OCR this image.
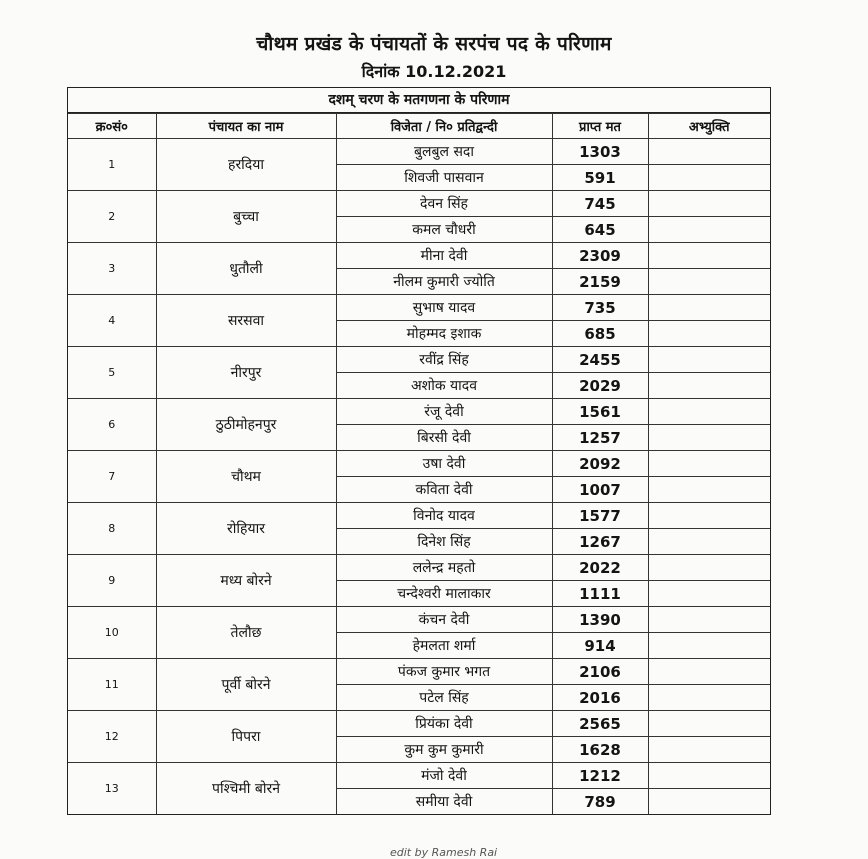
चौथम प्रखंड के पंचायतों के सरपंच पद के परिणाम
दिनांक 10.12.2021
दशम् चरण के मतगणना के परिणाम
क्र०सं०	पंचायत का नाम	विजेता / नि० प्रतिद्वन्दी	प्राप्त मत	अभ्युक्ति
1	हरदिया	बुलबुल सदा	1303	
		शिवजी पासवान	591	
2	बुच्चा	देवन सिंह	745	
		कमल चौधरी	645	
3	धुतौली	मीना देवी	2309	
		नीलम कुमारी ज्योति	2159	
4	सरसवा	सुभाष यादव	735	
		मोहम्मद इशाक	685	
5	नीरपुर	रवींद्र सिंह	2455	
		अशोक यादव	2029	
6	ठुठीमोहनपुर	रंजू देवी	1561	
		बिरसी देवी	1257	
7	चौथम	उषा देवी	2092	
		कविता देवी	1007	
8	रोहियार	विनोद यादव	1577	
		दिनेश सिंह	1267	
9	मध्य बोरने	ललेन्द्र महतो	2022	
		चन्देश्वरी मालाकार	1111	
10	तेलौछ	कंचन देवी	1390	
		हेमलता शर्मा	914	
11	पूर्वी बोरने	पंकज कुमार भगत	2106	
		पटेल सिंह	2016	
12	पिपरा	प्रियंका देवी	2565	
		कुम कुम कुमारी	1628	
13	पश्चिमी बोरने	मंजो देवी	1212	
		समीया देवी	789	
edit by Ramesh Rai
